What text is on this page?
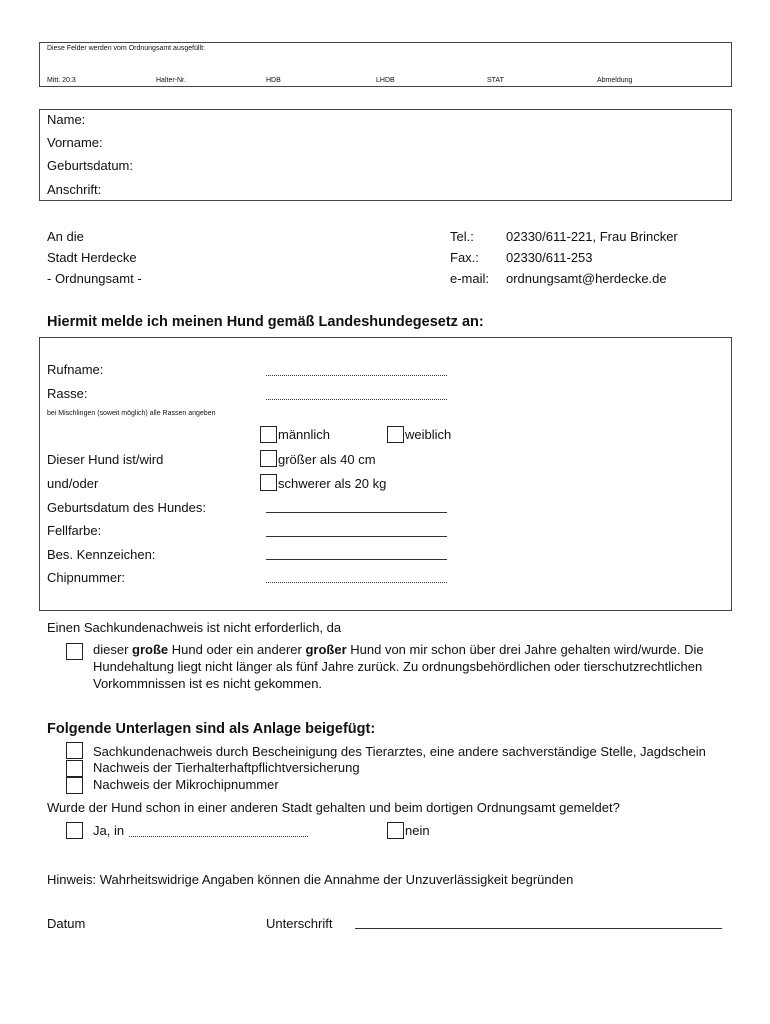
Diese Felder werden vom Ordnungsamt ausgefüllt:
Mitt. 20.3	Halter-Nr.	HDB	LHDB	STAT	Abmeldung
Name:
Vorname:
Geburtsdatum:
Anschrift:
An die
Stadt Herdecke
- Ordnungsamt -
Tel.: 02330/611-221, Frau Brincker
Fax.: 02330/611-253
e-mail: ordnungsamt@herdecke.de
Hiermit melde ich meinen Hund gemäß Landeshundegesetz an:
Rufname:
Rasse:
bei Mischlingen (soweit möglich) alle Rassen angeben
männlich	weiblich
Dieser Hund ist/wird	größer als 40 cm
und/oder	schwerer als 20 kg
Geburtsdatum des Hundes:
Fellfarbe:
Bes. Kennzeichen:
Chipnummer:
Einen Sachkundenachweis ist nicht erforderlich, da
dieser große Hund oder ein anderer großer Hund von mir schon über drei Jahre gehalten wird/wurde. Die
Hundehaltung liegt nicht länger als fünf Jahre zurück. Zu ordnungsbehördlichen oder tierschutzrechtlichen
Vorkommnissen ist es nicht gekommen.
Folgende Unterlagen sind als Anlage beigefügt:
Sachkundenachweis durch Bescheinigung des Tierarztes, eine andere sachverständige Stelle, Jagdschein
Nachweis der Tierhalterhaftpflichtversicherung
Nachweis der Mikrochipnummer
Wurde der Hund schon in einer anderen Stadt gehalten und beim dortigen Ordnungsamt gemeldet?
Ja, in	nein
Hinweis: Wahrheitswidrige Angaben können die Annahme der Unzuverlässigkeit begründen
Datum	Unterschrift
